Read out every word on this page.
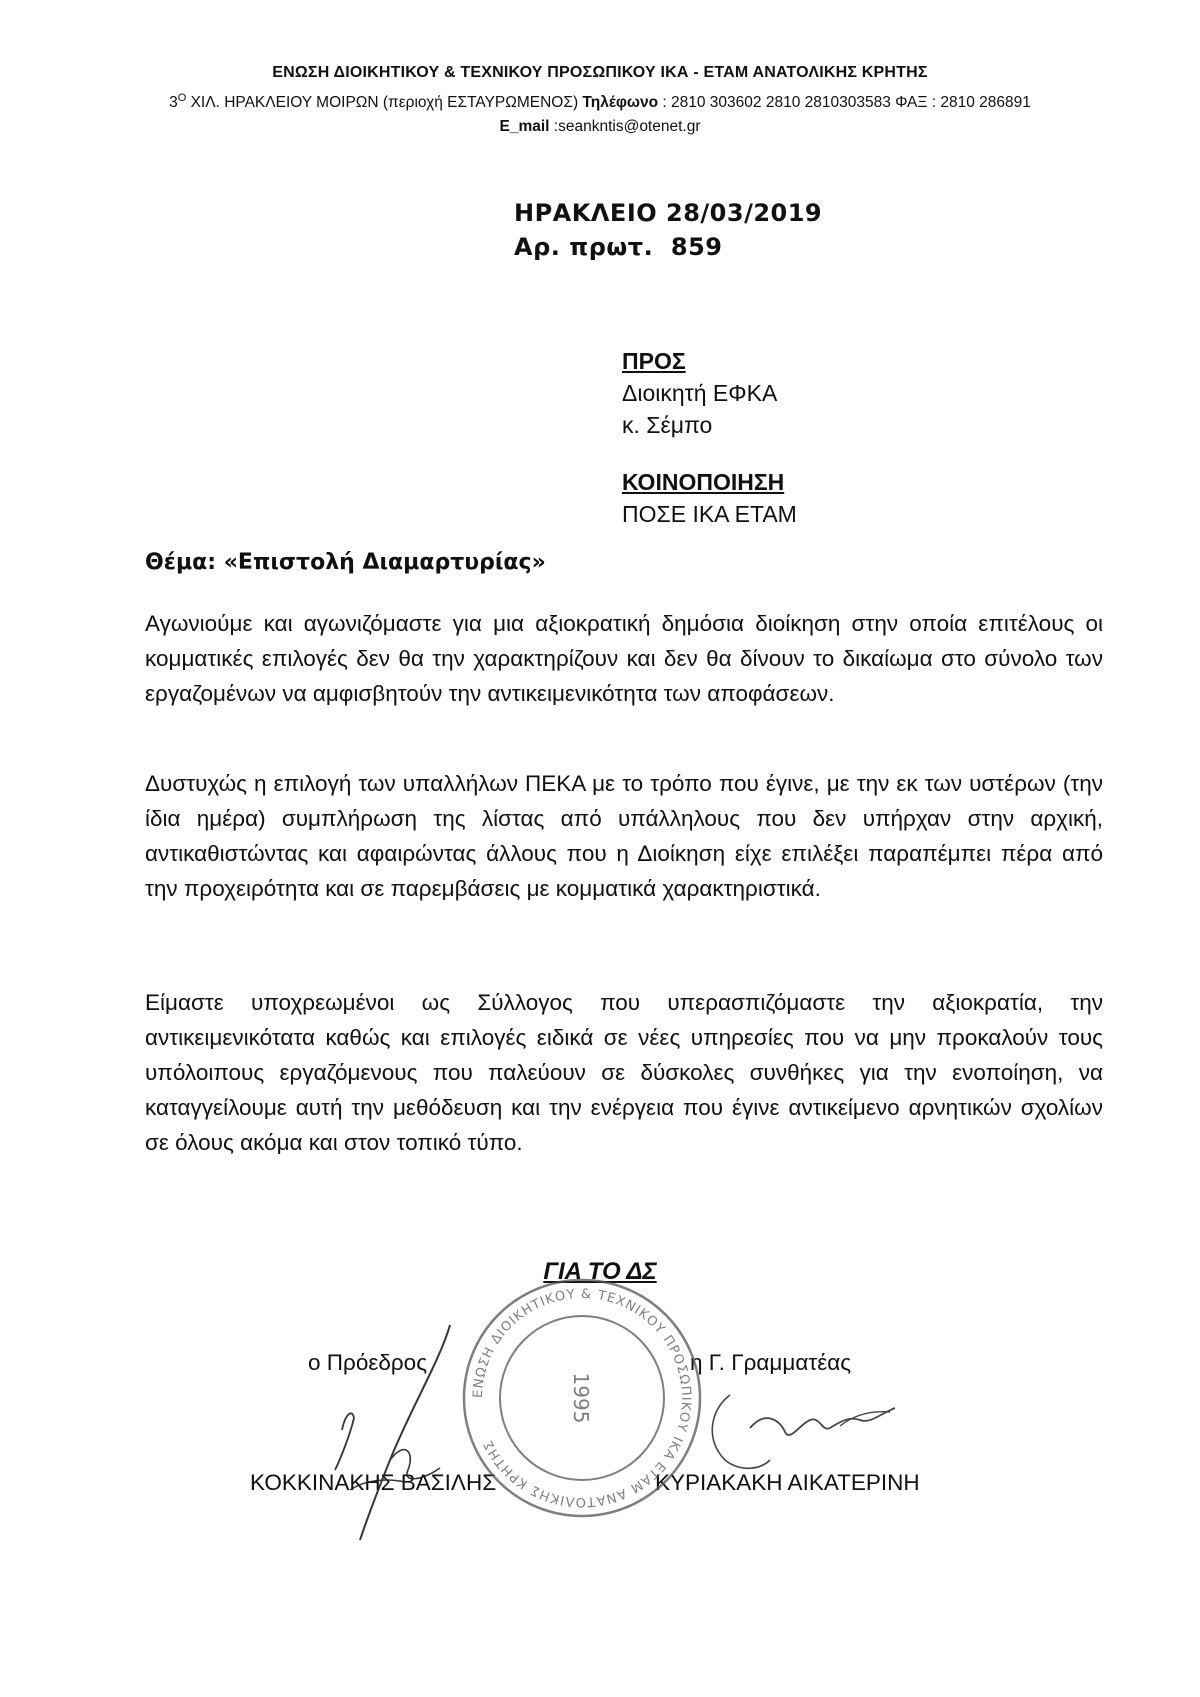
ΕΝΩΣΗ ΔΙΟΙΚΗΤΙΚΟΥ & ΤΕΧΝΙΚΟΥ ΠΡΟΣΩΠΙΚΟΥ ΙΚΑ - ΕΤΑΜ ΑΝΑΤΟΛΙΚΗΣ ΚΡΗΤΗΣ
$3^O$ ΧΙΛ. ΗΡΑΚΛΕΙΟΥ ΜΟΙΡΩΝ (περιοχή ΕΣΤΑΥΡΩΜΕΝΟΣ) Τηλέφωνο : 2810 303602 2810 2810303583 ΦΑΞ : 2810 286891
E_mail :seankntis@otenet.gr
ΗΡΑΚΛΕΙΟ 28/03/2019
Αρ. πρωτ.  859
ΠΡΟΣ
Διοικητή ΕΦΚΑ
κ. Σέμπο
ΚΟΙΝΟΠΟΙΗΣΗ
ΠΟΣΕ ΙΚΑ ΕΤΑΜ
Θέμα: «Επιστολή Διαμαρτυρίας»
Αγωνιούμε και αγωνιζόμαστε για μια αξιοκρατική δημόσια διοίκηση στην οποία επιτέλους οι κομματικές επιλογές δεν θα την χαρακτηρίζουν και δεν θα δίνουν το δικαίωμα στο σύνολο των εργαζομένων να αμφισβητούν την αντικειμενικότητα των αποφάσεων.
Δυστυχώς η επιλογή των υπαλλήλων ΠΕΚΑ με το τρόπο που έγινε, με την εκ των υστέρων (την ίδια ημέρα) συμπλήρωση της λίστας από υπάλληλους που δεν υπήρχαν στην αρχική, αντικαθιστώντας και αφαιρώντας άλλους που η Διοίκηση είχε επιλέξει παραπέμπει πέρα από την προχειρότητα και σε παρεμβάσεις με κομματικά χαρακτηριστικά.
Είμαστε υποχρεωμένοι ως Σύλλογος που υπερασπιζόμαστε την αξιοκρατία, την αντικειμενικότατα καθώς και επιλογές ειδικά σε νέες υπηρεσίες που να μην προκαλούν τους υπόλοιπους εργαζόμενους που παλεύουν σε δύσκολες συνθήκες για την ενοποίηση, να καταγγείλουμε αυτή την μεθόδευση και την ενέργεια που έγινε αντικείμενο αρνητικών σχολίων σε όλους ακόμα και στον τοπικό τύπο.
ΓΙΑ ΤΟ ΔΣ
ο Πρόεδρος	η Γ. Γραμματέας
ΚΟΚΚΙΝΑΚΗΣ ΒΑΣΙΛΗΣ	ΚΥΡΙΑΚΑΚΗ ΑΙΚΑΤΕΡΙΝΗ
ΕΝΩΣΗ ΔΙΟΙΚΗΤΙΚΟΥ & ΤΕΧΝΙΚΟΥ ΠΡΟΣΩΠΙΚΟΥ ΙΚΑ ΕΤΑΜ ΑΝΑΤΟΛΙΚΗΣ ΚΡΗΤΗΣ
1995
